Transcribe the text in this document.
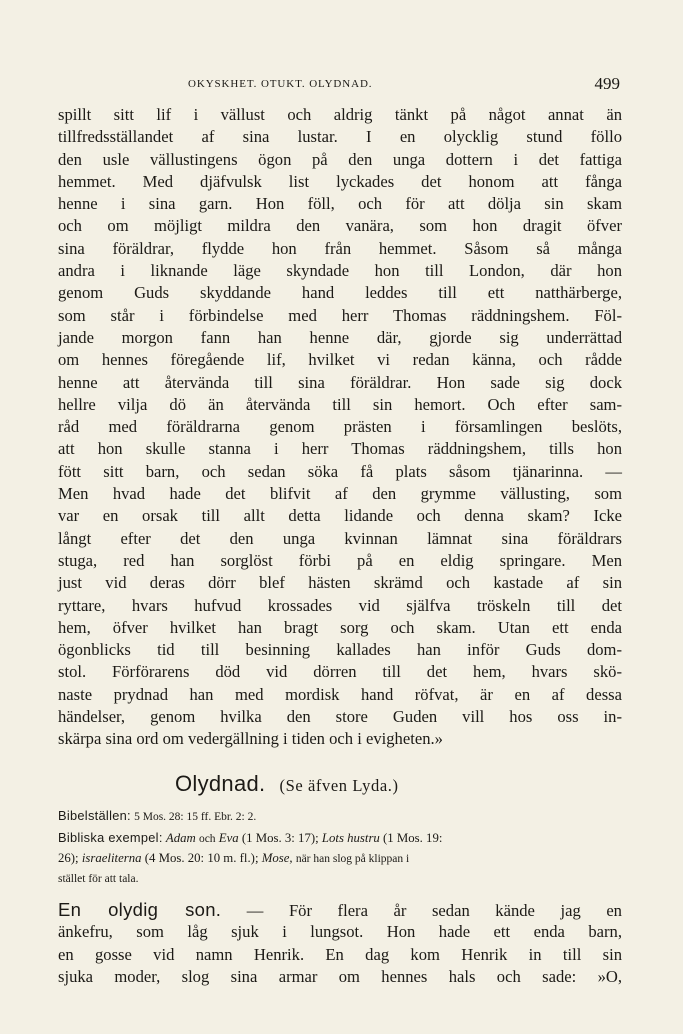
OKYSKHET. OTUKT. OLYDNAD.	499
spillt sitt lif i vällust och aldrig tänkt på något annat än
tillfredsställandet af sina lustar. I en olycklig stund föllo
den usle vällustingens ögon på den unga dottern i det fattiga
hemmet. Med djäfvulsk list lyckades det honom att fånga
henne i sina garn. Hon föll, och för att dölja sin skam
och om möjligt mildra den vanära, som hon dragit öfver
sina föräldrar, flydde hon från hemmet. Såsom så många
andra i liknande läge skyndade hon till London, där hon
genom Guds skyddande hand leddes till ett natthärberge,
som står i förbindelse med herr Thomas räddningshem. Föl-
jande morgon fann han henne där, gjorde sig underrättad
om hennes föregående lif, hvilket vi redan känna, och rådde
henne att återvända till sina föräldrar. Hon sade sig dock
hellre vilja dö än återvända till sin hemort. Och efter sam-
råd med föräldrarna genom prästen i församlingen beslöts,
att hon skulle stanna i herr Thomas räddningshem, tills hon
fött sitt barn, och sedan söka få plats såsom tjänarinna. —
Men hvad hade det blifvit af den grymme vällusting, som
var en orsak till allt detta lidande och denna skam? Icke
långt efter det den unga kvinnan lämnat sina föräldrars
stuga, red han sorglöst förbi på en eldig springare. Men
just vid deras dörr blef hästen skrämd och kastade af sin
ryttare, hvars hufvud krossades vid själfva tröskeln till det
hem, öfver hvilket han bragt sorg och skam. Utan ett enda
ögonblicks tid till besinning kallades han inför Guds dom-
stol. Förförarens död vid dörren till det hem, hvars skö-
naste prydnad han med mordisk hand röfvat, är en af dessa
händelser, genom hvilka den store Guden vill hos oss in-
skärpa sina ord om vedergällning i tiden och i evigheten.»
Olydnad. (Se äfven Lyda.)
Bibelställen: 5 Mos. 28: 15 ff. Ebr. 2: 2.
Bibliska exempel: Adam och Eva (1 Mos. 3: 17); Lots hustru (1 Mos. 19:
26); israeliterna (4 Mos. 20: 10 m. fl.); Mose, när han slog på klippan i
stället för att tala.
En olydig son. — För flera år sedan kände jag en
änkefru, som låg sjuk i lungsot. Hon hade ett enda barn,
en gosse vid namn Henrik. En dag kom Henrik in till sin
sjuka moder, slog sina armar om hennes hals och sade: »O,
